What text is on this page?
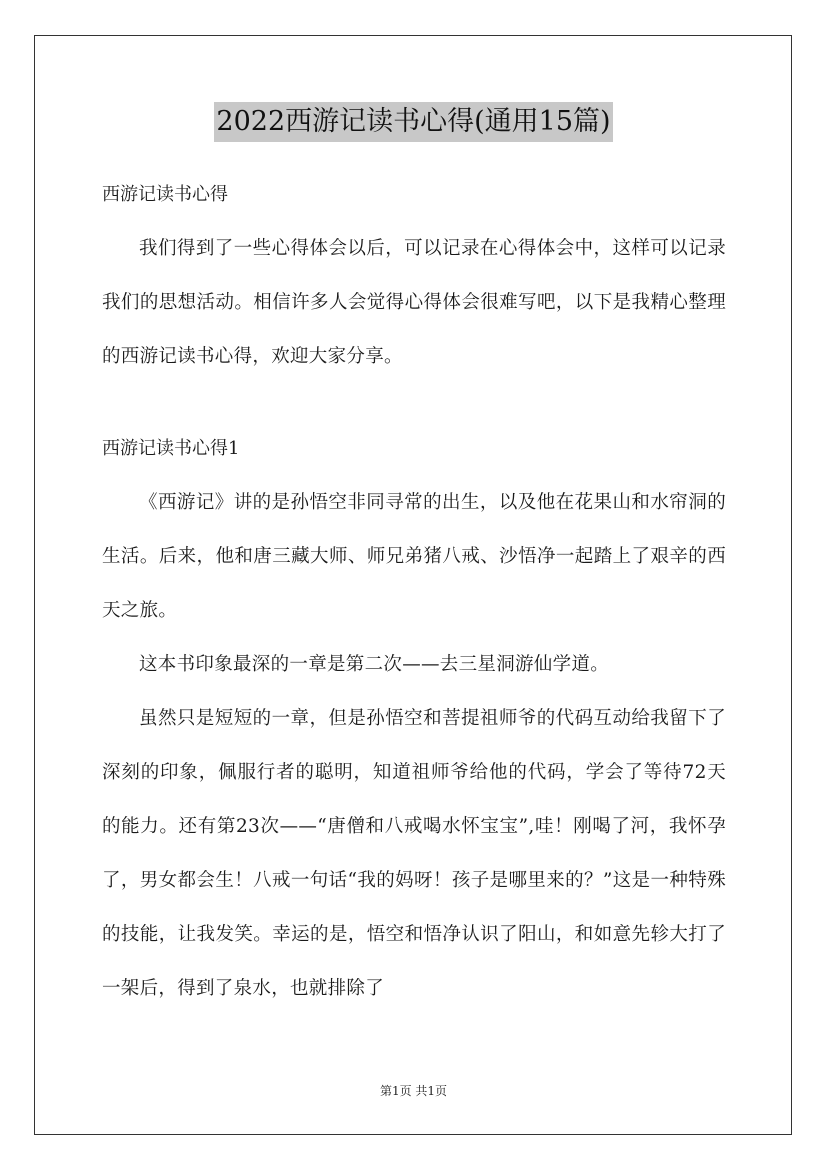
2022西游记读书心得(通用15篇)

西游记读书心得

我们得到了一些心得体会以后，可以记录在心得体会中，这样可以记录我们的思想活动。相信许多人会觉得心得体会很难写吧，以下是我精心整理的西游记读书心得，欢迎大家分享。

西游记读书心得1

《西游记》讲的是孙悟空非同寻常的出生，以及他在花果山和水帘洞的生活。后来，他和唐三藏大师、师兄弟猪八戒、沙悟净一起踏上了艰辛的西天之旅。

这本书印象最深的一章是第二次——去三星洞游仙学道。

虽然只是短短的一章，但是孙悟空和菩提祖师爷的代码互动给我留下了深刻的印象，佩服行者的聪明，知道祖师爷给他的代码，学会了等待72天的能力。还有第23次——“唐僧和八戒喝水怀宝宝”,哇！刚喝了河，我怀孕了，男女都会生！八戒一句话“我的妈呀！孩子是哪里来的？”这是一种特殊的技能，让我发笑。幸运的是，悟空和悟净认识了阳山，和如意先轸大打了一架后，得到了泉水，也就排除了

第1页 共1页
